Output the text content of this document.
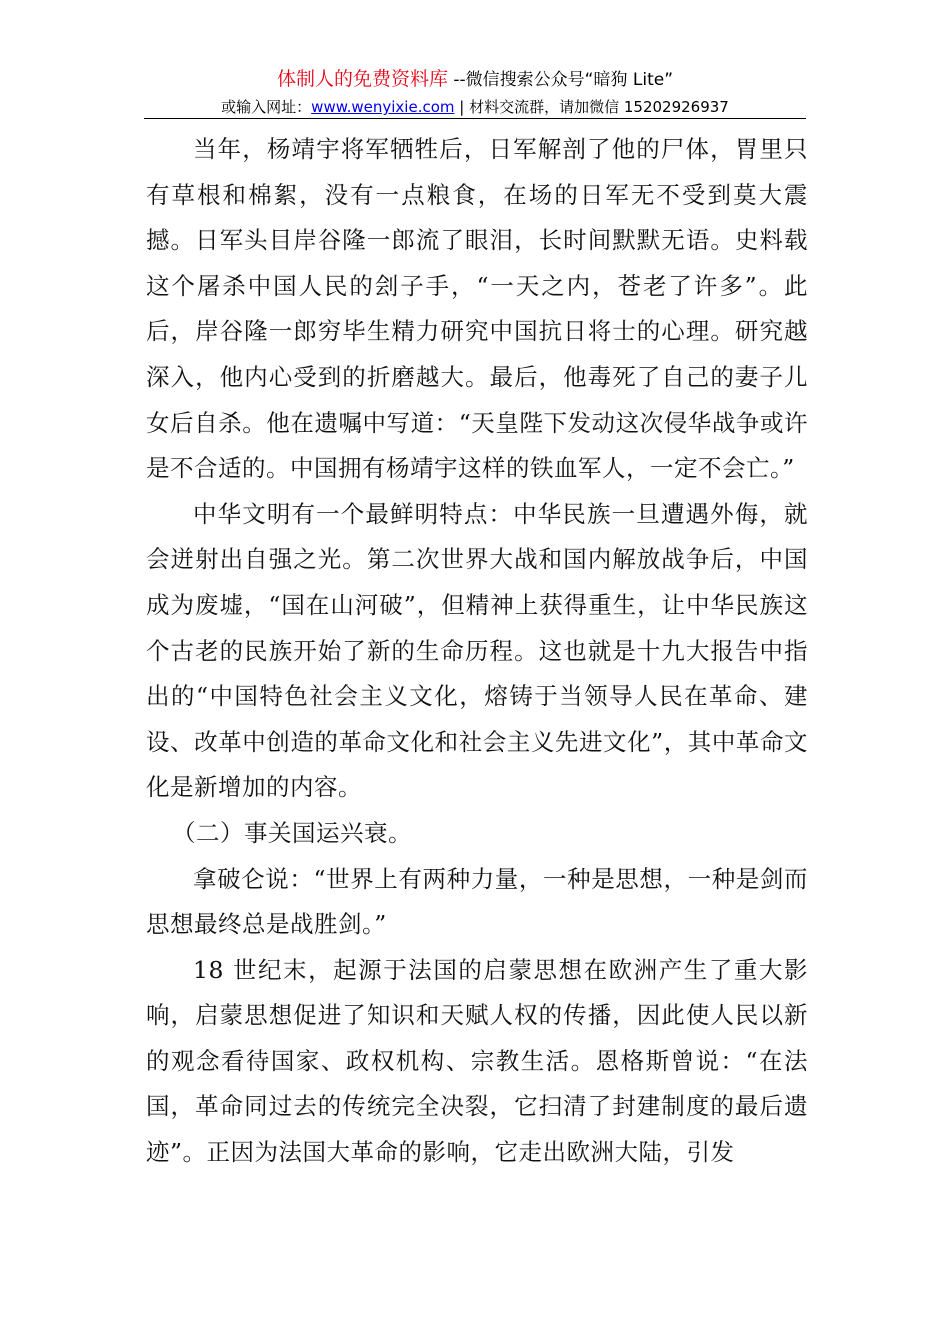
体制人的免费资料库 --微信搜索公众号“暗狗 Lite”
或输入网址：www.wenyixie.com | 材料交流群，请加微信 15202926937

当年，杨靖宇将军牺牲后，日军解剖了他的尸体，胃里只有草根和棉絮，没有一点粮食，在场的日军无不受到莫大震撼。日军头目岸谷隆一郎流了眼泪，长时间默默无语。史料载这个屠杀中国人民的刽子手，“一天之内，苍老了许多”。此后，岸谷隆一郎穷毕生精力研究中国抗日将士的心理。研究越深入，他内心受到的折磨越大。最后，他毒死了自己的妻子儿女后自杀。他在遗嘱中写道：“天皇陛下发动这次侵华战争或许是不合适的。中国拥有杨靖宇这样的铁血军人，一定不会亡。”

中华文明有一个最鲜明特点：中华民族一旦遭遇外侮，就会迸射出自强之光。第二次世界大战和国内解放战争后，中国成为废墟，“国在山河破”，但精神上获得重生，让中华民族这个古老的民族开始了新的生命历程。这也就是十九大报告中指出的“中国特色社会主义文化，熔铸于当领导人民在革命、建设、改革中创造的革命文化和社会主义先进文化”，其中革命文化是新增加的内容。

（二）事关国运兴衰。

拿破仑说：“世界上有两种力量，一种是思想，一种是剑而思想最终总是战胜剑。”

18 世纪末，起源于法国的启蒙思想在欧洲产生了重大影响，启蒙思想促进了知识和天赋人权的传播，因此使人民以新的观念看待国家、政权机构、宗教生活。恩格斯曾说：“在法国，革命同过去的传统完全决裂，它扫清了封建制度的最后遗迹”。正因为法国大革命的影响，它走出欧洲大陆，引发
